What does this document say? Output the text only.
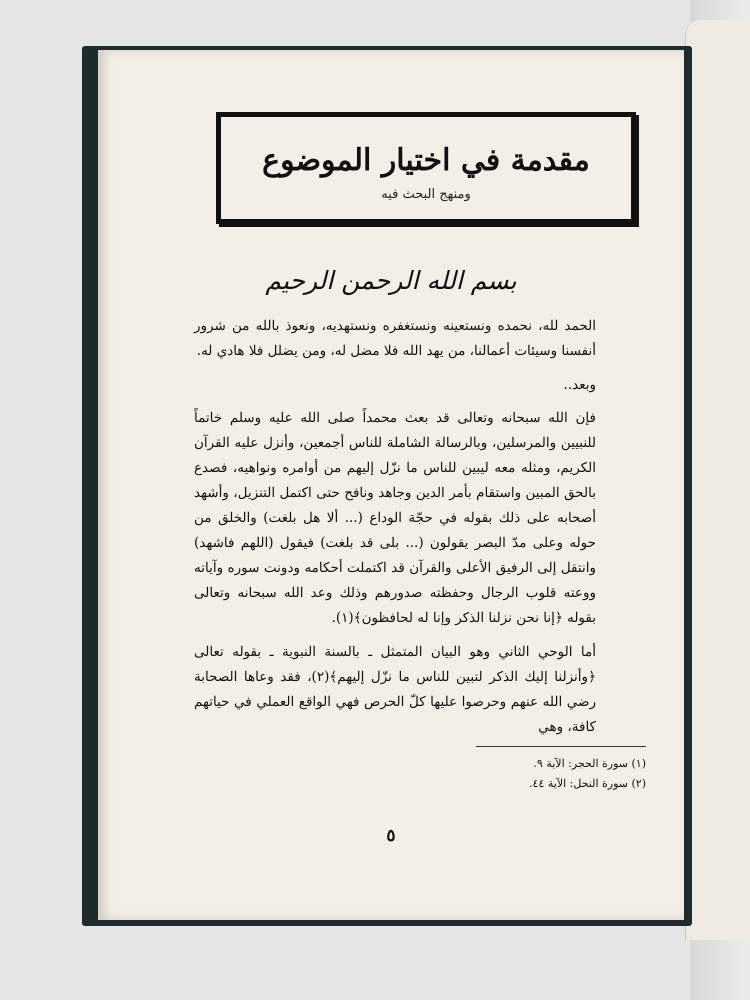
مقدمة في اختيار الموضوع
ومنهج البحث فيه
بسم الله الرحمن الرحيم

الحمد لله، نحمده ونستعينه ونستغفره ونستهديه، ونعوذ بالله من شرور أنفسنا وسيئات أعمالنا، من يهد الله فلا مضل له، ومن يضلل فلا هادي له.

وبعد..

فإن الله سبحانه وتعالى قد بعث محمداً صلى الله عليه وسلم خاتماً للنبيين والمرسلين، وبالرسالة الشاملة للناس أجمعين، وأنزل عليه القرآن الكريم، ومثله معه ليبين للناس ما نزّل إليهم من أوامره ونواهيه، فصدع بالحق المبين واستقام بأمر الدين وجاهد ونافح حتى اكتمل التنزيل، وأشهد أصحابه على ذلك بقوله في حجّة الوداع (... ألا هل بلغت) والخلق من حوله وعلى مدّ البصر يقولون (... بلى قد بلغت) فيقول (اللهم فاشهد) وانتقل إلى الرفيق الأعلى والقرآن قد اكتملت أحكامه ودونت سوره وآياته ووعته قلوب الرجال وحفظته صدورهم وذلك وعد الله سبحانه وتعالى بقوله ﴿إنا نحن نزلنا الذكر وإنا له لحافظون﴾(١).

أما الوحي الثاني وهو البيان المتمثل ـ بالسنة النبوية ـ بقوله تعالى ﴿وأنزلنا إليك الذكر لتبين للناس ما نزّل إليهم﴾(٢)، فقد وعاها الصحابة رضي الله عنهم وحرصوا عليها كلّ الحرص فهي الواقع العملي في حياتهم كافة، وهي

(١) سورة الحجر: الآية ٩.
(٢) سورة النحل: الآية ٤٤.
٥
